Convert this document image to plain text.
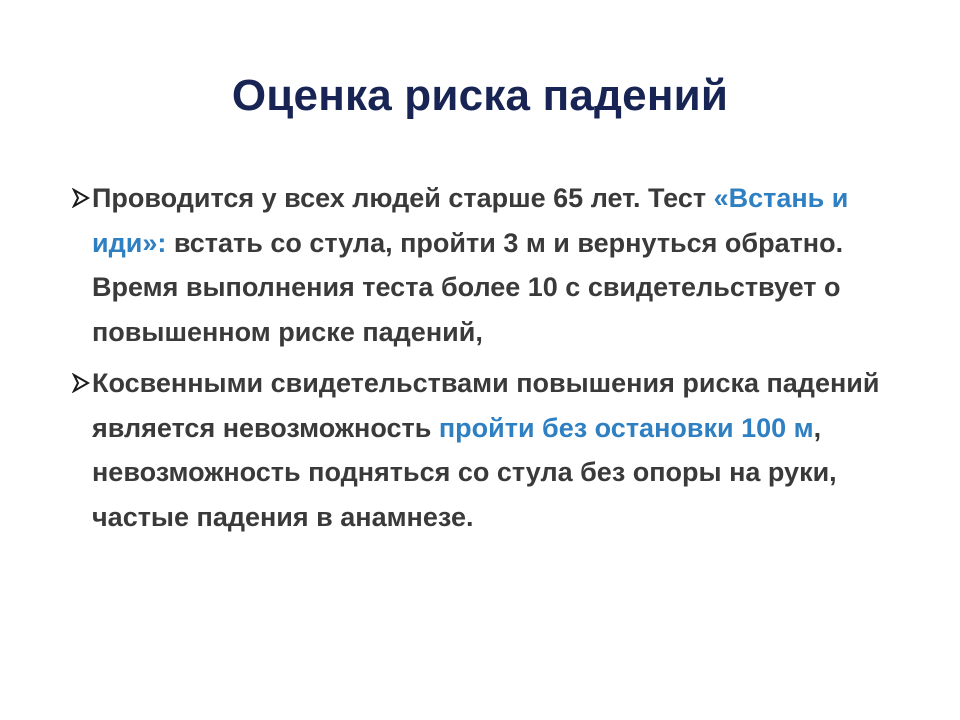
Оценка риска падений
Проводится у всех людей старше 65 лет. Тест «Встань и иди»: встать со стула, пройти 3 м и вернуться обратно. Время выполнения теста более 10 с свидетельствует о повышенном риске падений,
Косвенными свидетельствами повышения риска падений является невозможность пройти без остановки 100 м, невозможность подняться со стула без опоры на руки, частые падения в анамнезе.
